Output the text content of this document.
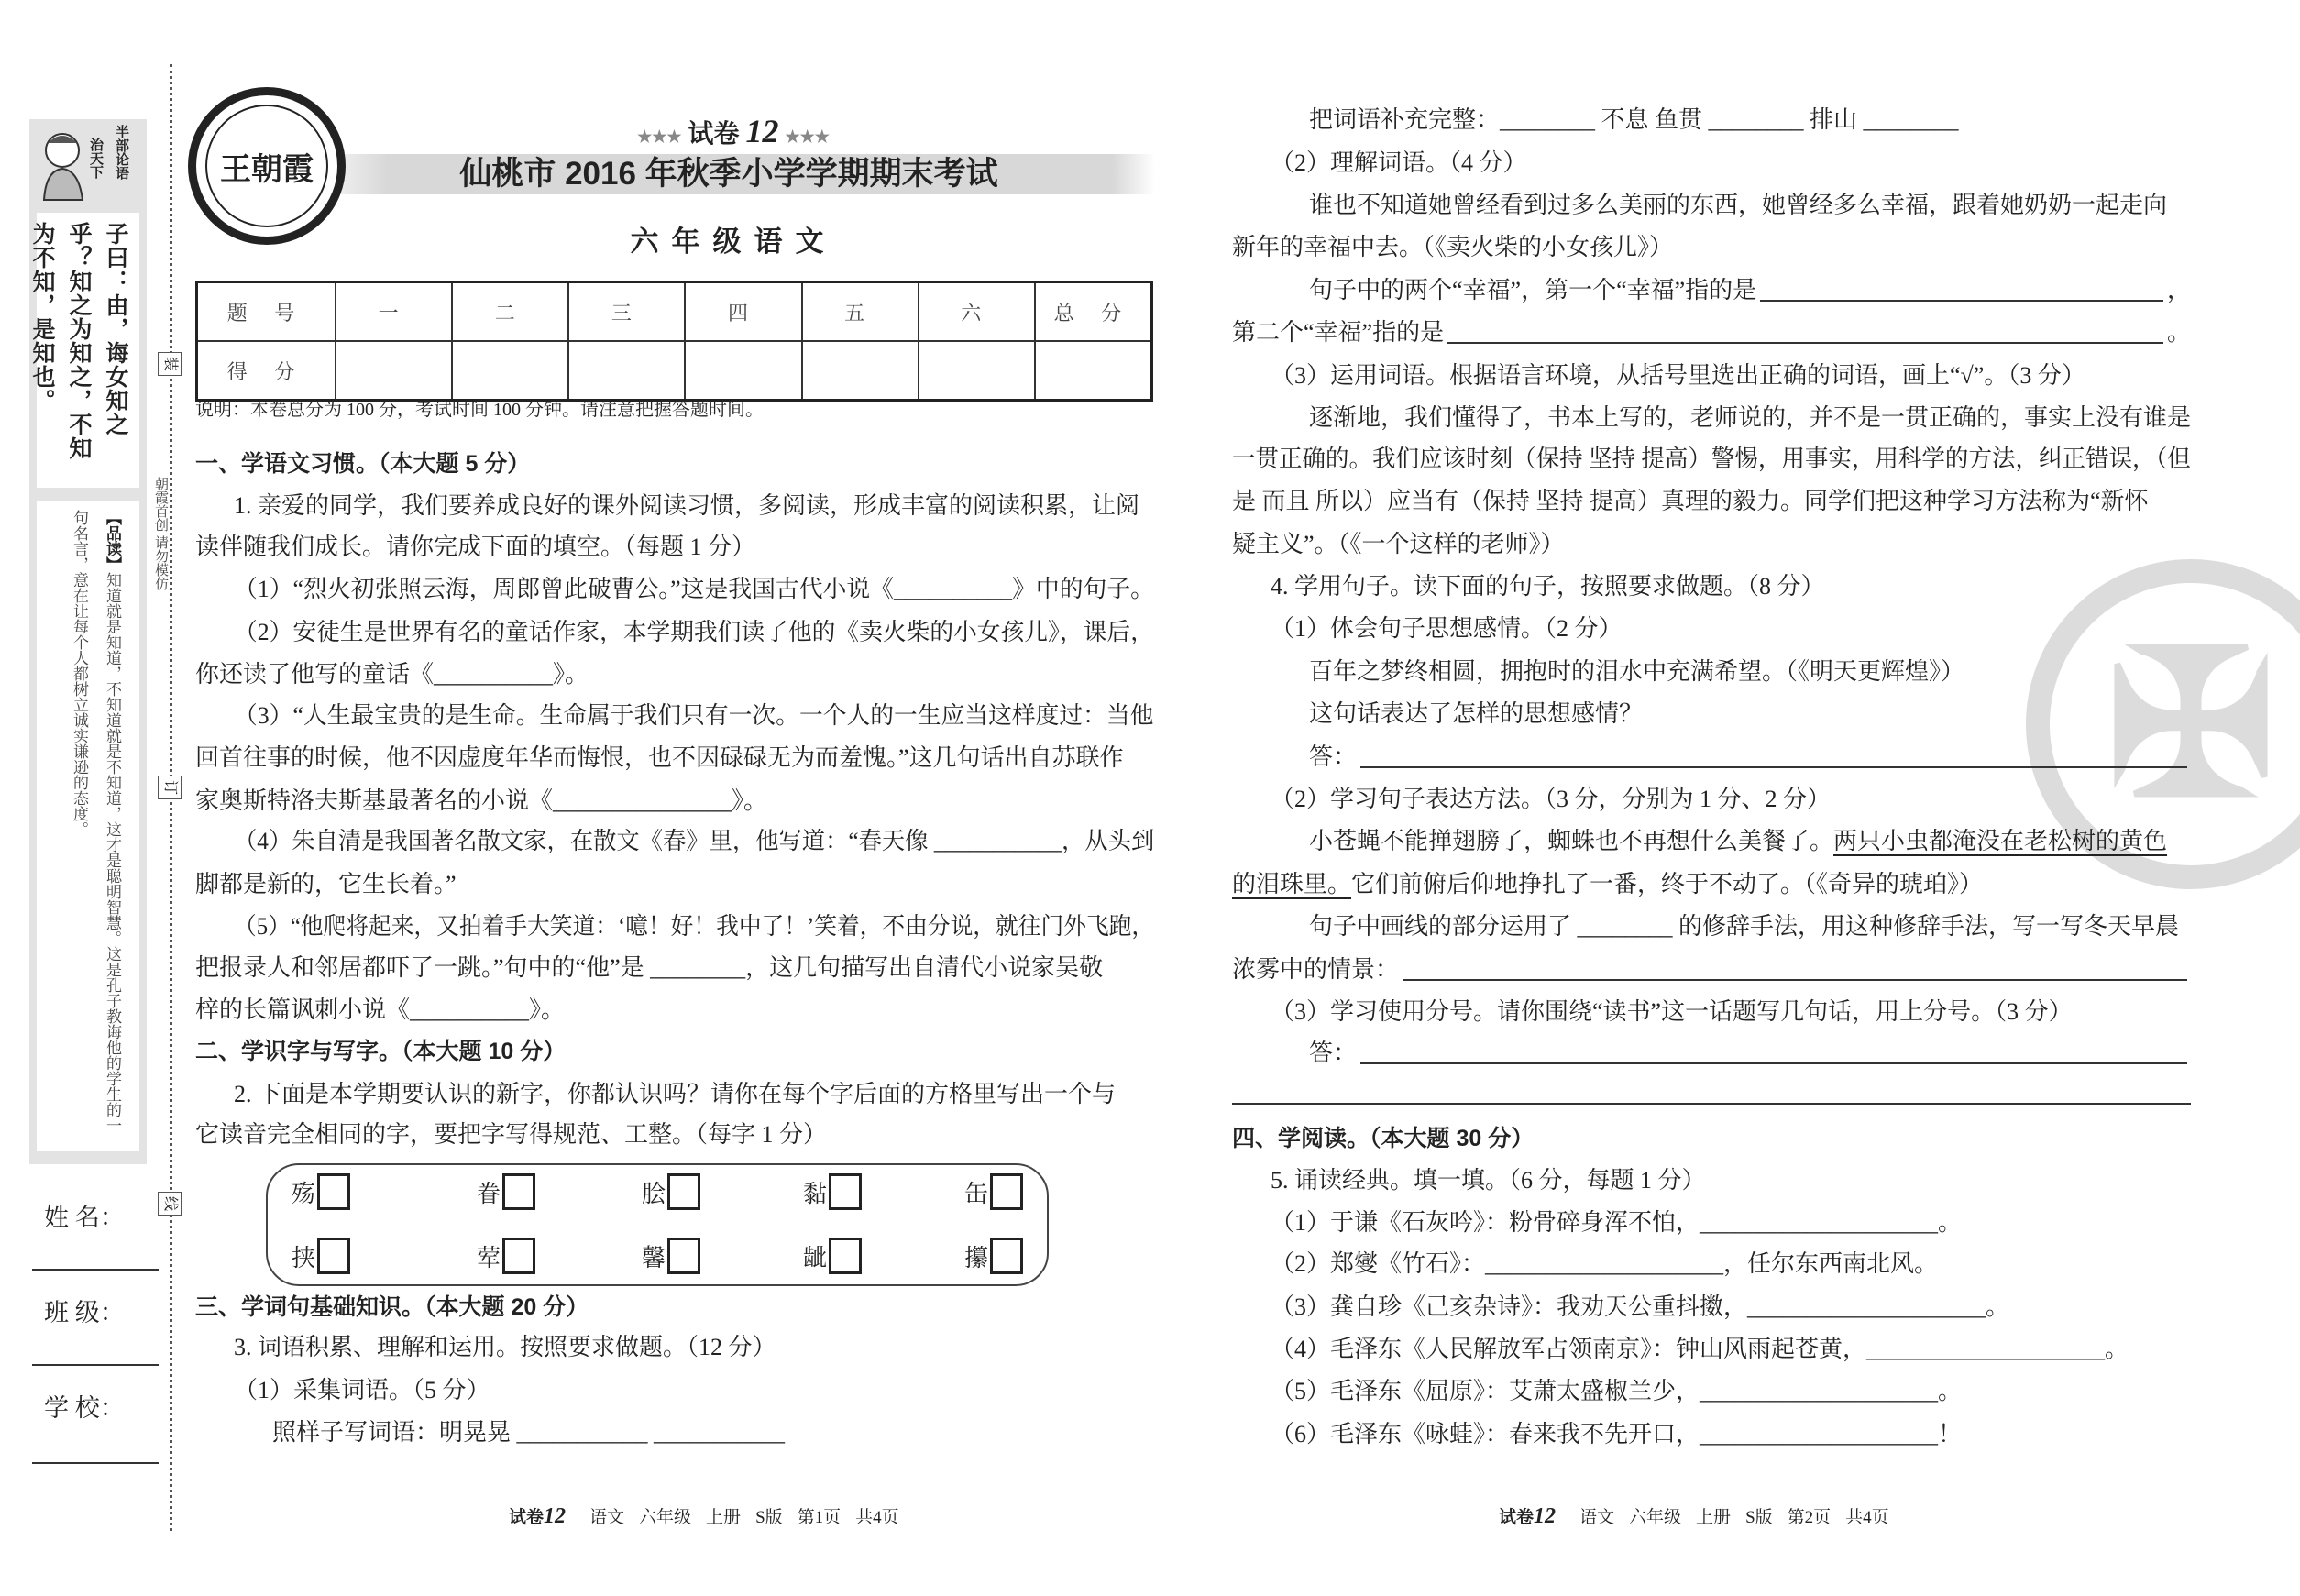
半部论语
治天下
子曰：由，诲女知之乎？知之为知之，不知为不知，是知也。
【品读】知道就是知道，不知道就是不知道，这才是聪明智慧。这是孔子教诲他的学生的一句名言，意在让每个人都树立诚实谦逊的态度。
装
订
线
朝霞首创 请勿模仿
姓 名：
班 级：
学 校：
王朝霞
★★★ 试卷 12 ★★★
仙桃市 2016 年秋季小学学期期末考试
六年级语文
题 号	一	二	三	四	五	六	总 分
得 分							
说明：本卷总分为 100 分，考试时间 100 分钟。请注意把握答题时间。
✠
一、学语文习惯。（本大题 5 分）
1. 亲爱的同学，我们要养成良好的课外阅读习惯，多阅读，形成丰富的阅读积累，让阅
读伴随我们成长。请你完成下面的填空。（每题 1 分）
（1）“烈火初张照云海，周郎曾此破曹公。”这是我国古代小说《__________》中的句子。
（2）安徒生是世界有名的童话作家，本学期我们读了他的《卖火柴的小女孩儿》，课后，
你还读了他写的童话《__________》。
（3）“人生最宝贵的是生命。生命属于我们只有一次。一个人的一生应当这样度过：当他
回首往事的时候，他不因虚度年华而悔恨，也不因碌碌无为而羞愧。”这几句话出自苏联作
家奥斯特洛夫斯基最著名的小说《_______________》。
（4）朱自清是我国著名散文家，在散文《春》里，他写道：“春天像 ___________，从头到
脚都是新的，它生长着。”
（5）“他爬将起来，又拍着手大笑道：‘噫！好！我中了！’笑着，不由分说，就往门外飞跑，
把报录人和邻居都吓了一跳。”句中的“他”是 ________，这几句描写出自清代小说家吴敬
梓的长篇讽刺小说《__________》。
二、学识字与写字。（本大题 10 分）
2. 下面是本学期要认识的新字，你都认识吗？请你在每个字后面的方格里写出一个与
它读音完全相同的字，要把字写得规范、工整。（每字 1 分）
三、学词句基础知识。（本大题 20 分）
3. 词语积累、理解和运用。按照要求做题。（12 分）
（1）采集词语。（5 分）
照样子写词语：明晃晃 ___________ ___________
把词语补充完整：________ 不息 鱼贯 ________ 排山 ________
（2）理解词语。（4 分）
谁也不知道她曾经看到过多么美丽的东西，她曾经多么幸福，跟着她奶奶一起走向
新年的幸福中去。（《卖火柴的小女孩儿》）
句子中的两个“幸福”，第一个“幸福”指的是	，
第二个“幸福”指的是	。
（3）运用词语。根据语言环境，从括号里选出正确的词语，画上“√”。（3 分）
逐渐地，我们懂得了，书本上写的，老师说的，并不是一贯正确的，事实上没有谁是
一贯正确的。我们应该时刻（保持 坚持 提高）警惕，用事实，用科学的方法，纠正错误，（但
是 而且 所以）应当有（保持 坚持 提高）真理的毅力。同学们把这种学习方法称为“新怀
疑主义”。（《一个这样的老师》）
4. 学用句子。读下面的句子，按照要求做题。（8 分）
（1）体会句子思想感情。（2 分）
百年之梦终相圆，拥抱时的泪水中充满希望。（《明天更辉煌》）
这句话表达了怎样的思想感情？
答：
（2）学习句子表达方法。（3 分，分别为 1 分、2 分）
小苍蝇不能掸翅膀了，蜘蛛也不再想什么美餐了。 两只小虫都淹没在老松树的黄色
的泪珠里。 它们前俯后仰地挣扎了一番，终于不动了。（《奇异的琥珀》）
句子中画线的部分运用了 ________ 的修辞手法，用这种修辞手法，写一写冬天早晨
浓雾中的情景：
（3）学习使用分号。请你围绕“读书”这一话题写几句话，用上分号。（3 分）
答：
四、学阅读。（本大题 30 分）
5. 诵读经典。填一填。（6 分，每题 1 分）
（1）于谦《石灰吟》：粉骨碎身浑不怕，____________________。
（2）郑燮《竹石》：____________________，任尔东西南北风。
（3）龚自珍《己亥杂诗》：我劝天公重抖擞，____________________。
（4）毛泽东《人民解放军占领南京》：钟山风雨起苍黄，____________________。
（5）毛泽东《屈原》：艾萧太盛椒兰少，____________________。
（6）毛泽东《咏蛙》：春来我不先开口，____________________！
殇	眷	脍	黏	缶
挟	荤	馨	龇	攥
试卷12 语文 六年级 上册 S版 第1页 共4页	试卷12 语文 六年级 上册 S版 第2页 共4页
